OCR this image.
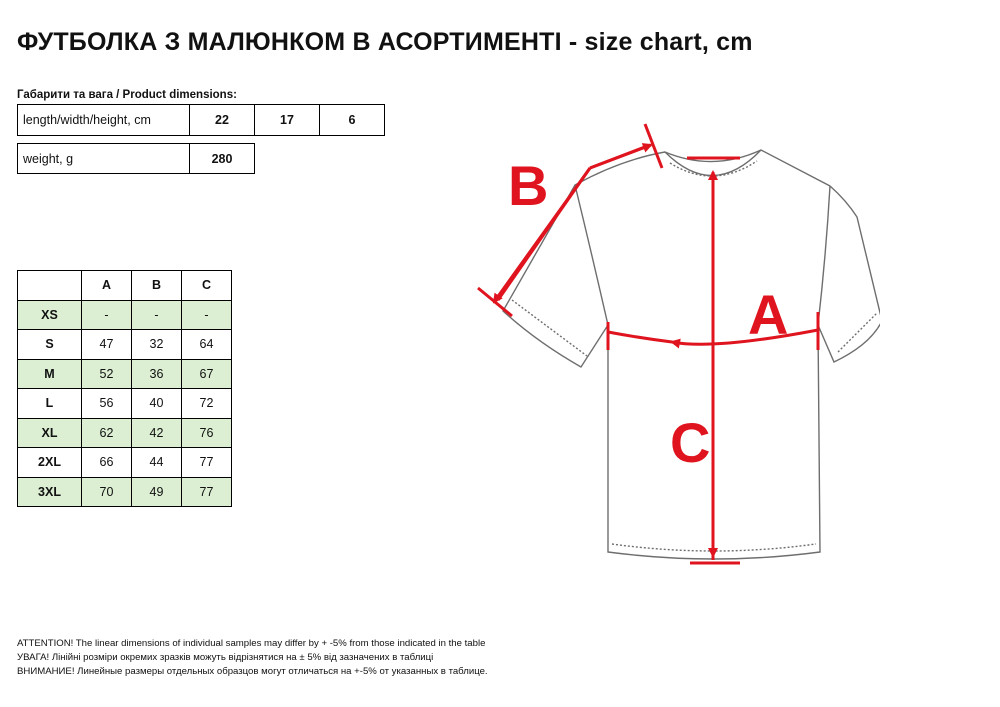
ФУТБОЛКА З МАЛЮНКОМ В АСОРТИМЕНТІ - size chart, cm
Габарити та вага / Product dimensions:
length/width/height, cm	22	17	6
weight, g	280
	A	B	C
XS	-	-	-
S	47	32	64
M	52	36	67
L	56	40	72
XL	62	42	76
2XL	66	44	77
3XL	70	49	77
B
A
C
ATTENTION! The linear dimensions of individual samples may differ by + -5% from those indicated in the table
УВАГА! Лінійні розміри окремих зразків можуть відрізнятися на ± 5% від зазначених в таблиці
ВНИМАНИЕ! Линейные размеры отдельных образцов могут отличаться на +-5% от указанных в таблице.
